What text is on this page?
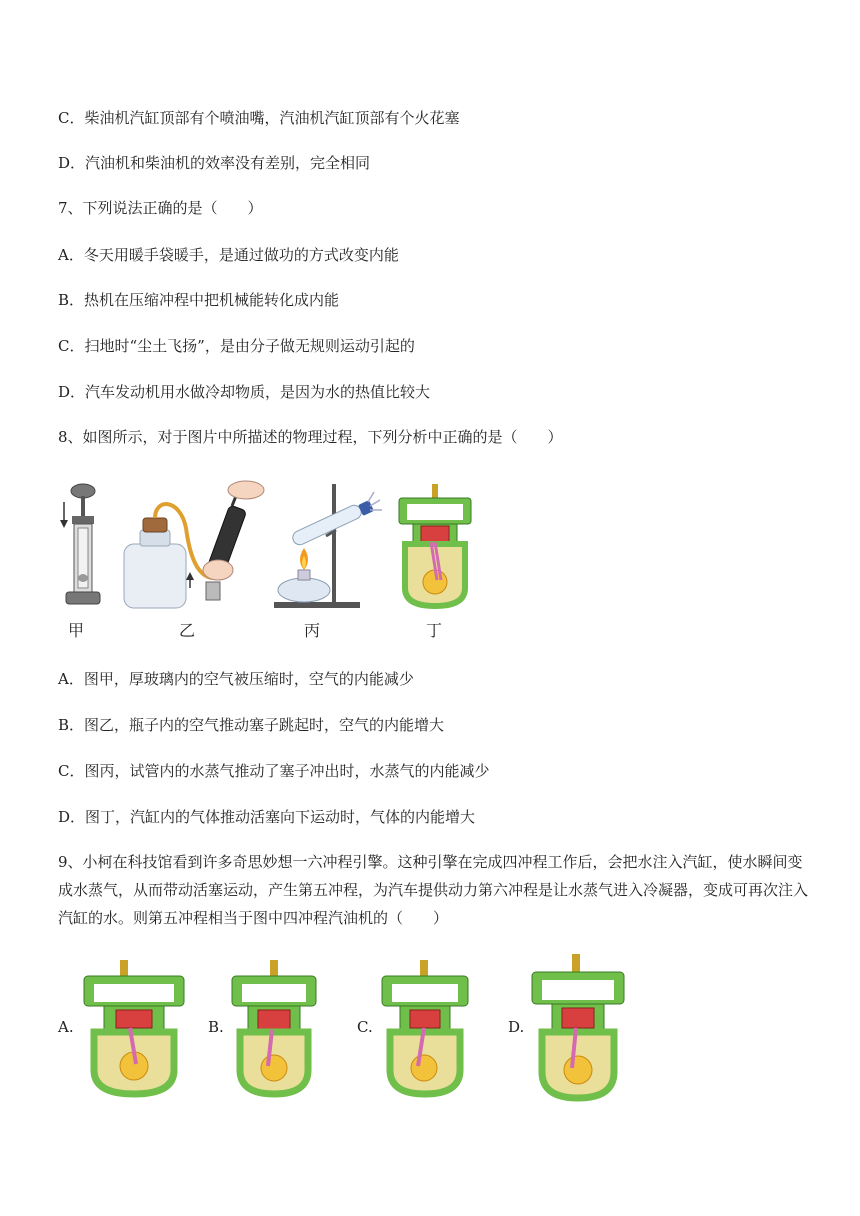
C．柴油机汽缸顶部有个喷油嘴，汽油机汽缸顶部有个火花塞
D．汽油机和柴油机的效率没有差别，完全相同
7、下列说法正确的是（　　）
A．冬天用暖手袋暖手，是通过做功的方式改变内能
B．热机在压缩冲程中把机械能转化成内能
C．扫地时“尘土飞扬”，是由分子做无规则运动引起的
D．汽车发动机用水做冷却物质，是因为水的热值比较大
8、如图所示，对于图片中所描述的物理过程，下列分析中正确的是（　　）
甲	乙	丙	丁
A．图甲，厚玻璃内的空气被压缩时，空气的内能减少
B．图乙，瓶子内的空气推动塞子跳起时，空气的内能增大
C．图丙，试管内的水蒸气推动了塞子冲出时，水蒸气的内能减少
D．图丁，汽缸内的气体推动活塞向下运动时，气体的内能增大
9、小柯在科技馆看到许多奇思妙想一六冲程引擎。这种引擎在完成四冲程工作后，会把水注入汽缸，使水瞬间变成水蒸气，从而带动活塞运动，产生第五冲程，为汽车提供动力第六冲程是让水蒸气进入冷凝器，变成可再次注入汽缸的水。则第五冲程相当于图中四冲程汽油机的（　　）
A.	B.	C.	D.
